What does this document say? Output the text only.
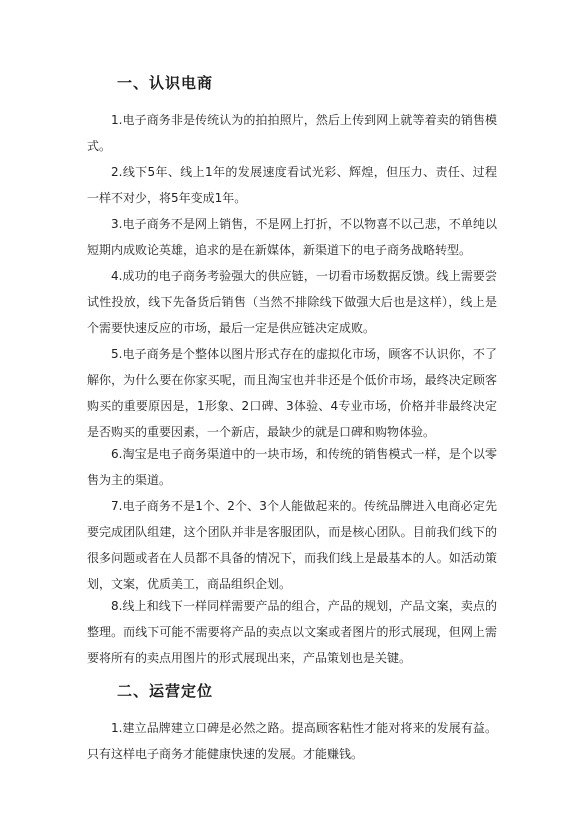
一、认识电商

1.电子商务非是传统认为的拍拍照片，然后上传到网上就等着卖的销售模式。

2.线下5年、线上1年的发展速度看试光彩、辉煌，但压力、责任、过程一样不对少，将5年变成1年。

3.电子商务不是网上销售，不是网上打折，不以物喜不以己悲，不单纯以短期内成败论英雄，追求的是在新媒体，新渠道下的电子商务战略转型。

4.成功的电子商务考验强大的供应链，一切看市场数据反馈。线上需要尝试性投放，线下先备货后销售（当然不排除线下做强大后也是这样），线上是个需要快速反应的市场，最后一定是供应链决定成败。

5.电子商务是个整体以图片形式存在的虚拟化市场，顾客不认识你，不了解你，为什么要在你家买呢，而且淘宝也并非还是个低价市场，最终决定顾客购买的重要原因是，1形象、2口碑、3体验、4专业市场，价格并非最终决定是否购买的重要因素，一个新店，最缺少的就是口碑和购物体验。

6.淘宝是电子商务渠道中的一块市场，和传统的销售模式一样，是个以零售为主的渠道。

7.电子商务不是1个、2个、3个人能做起来的。传统品牌进入电商必定先要完成团队组建，这个团队并非是客服团队，而是核心团队。目前我们线下的很多问题或者在人员都不具备的情况下，而我们线上是最基本的人。如活动策划，文案，优质美工，商品组织企划。

8.线上和线下一样同样需要产品的组合，产品的规划，产品文案，卖点的整理。而线下可能不需要将产品的卖点以文案或者图片的形式展现，但网上需要将所有的卖点用图片的形式展现出来，产品策划也是关键。

二、运营定位

1.建立品牌建立口碑是必然之路。提高顾客粘性才能对将来的发展有益。只有这样电子商务才能健康快速的发展。才能赚钱。
